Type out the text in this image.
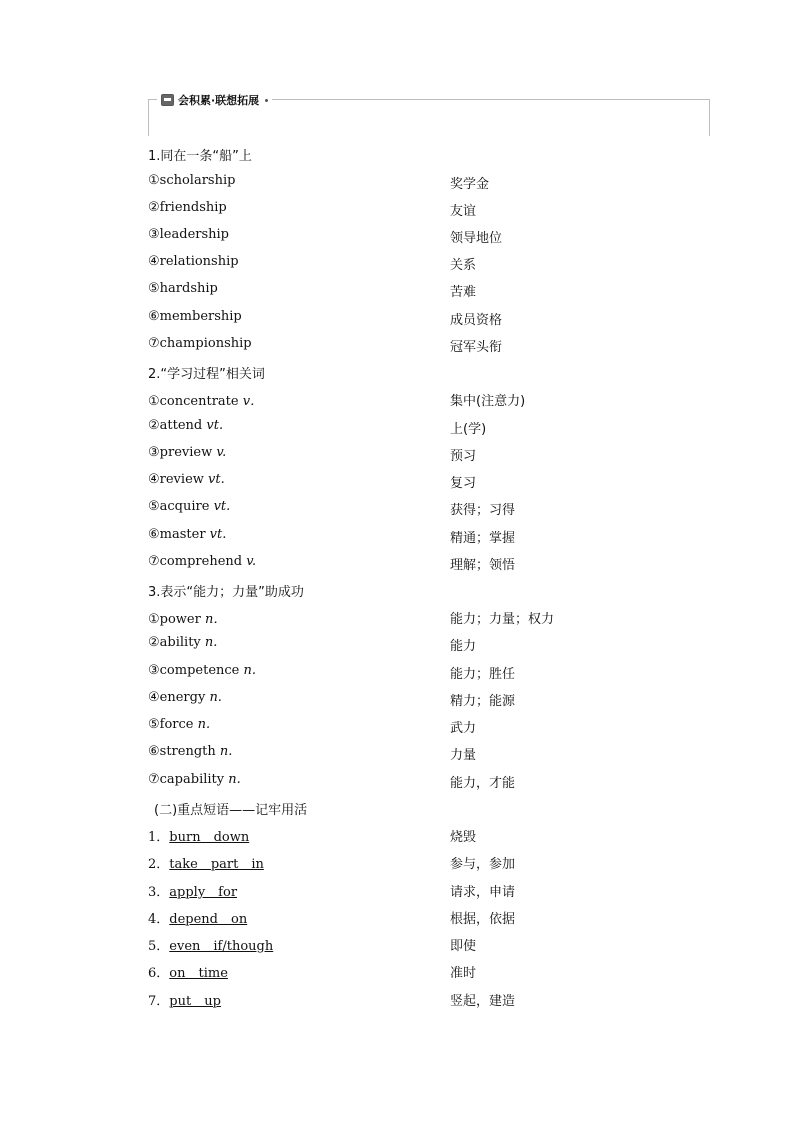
会积累·联想拓展
1.同在一条“船”上
①scholarship	奖学金
②friendship	友谊
③leadership	领导地位
④relationship	关系
⑤hardship	苦难
⑥membership	成员资格
⑦championship	冠军头衔
2.“学习过程”相关词
①concentrate v．	集中(注意力)
②attend vt.	上(学)
③preview v.	预习
④review vt.	复习
⑤acquire vt.	获得；习得
⑥master vt.	精通；掌握
⑦comprehend v.	理解；领悟
3.表示“能力；力量”助成功
①power n．	能力；力量；权力
②ability n.	能力
③competence n.	能力；胜任
④energy n.	精力；能源
⑤force n.	武力
⑥strength n.	力量
⑦capability n.	能力，才能
(二)重点短语——记牢用活
1．burn　down	烧毁
2．take　part　in	参与，参加
3．apply　for	请求，申请
4．depend　on	根据，依据
5．even　if/though	即使
6．on　time	准时
7．put　up	竖起，建造
